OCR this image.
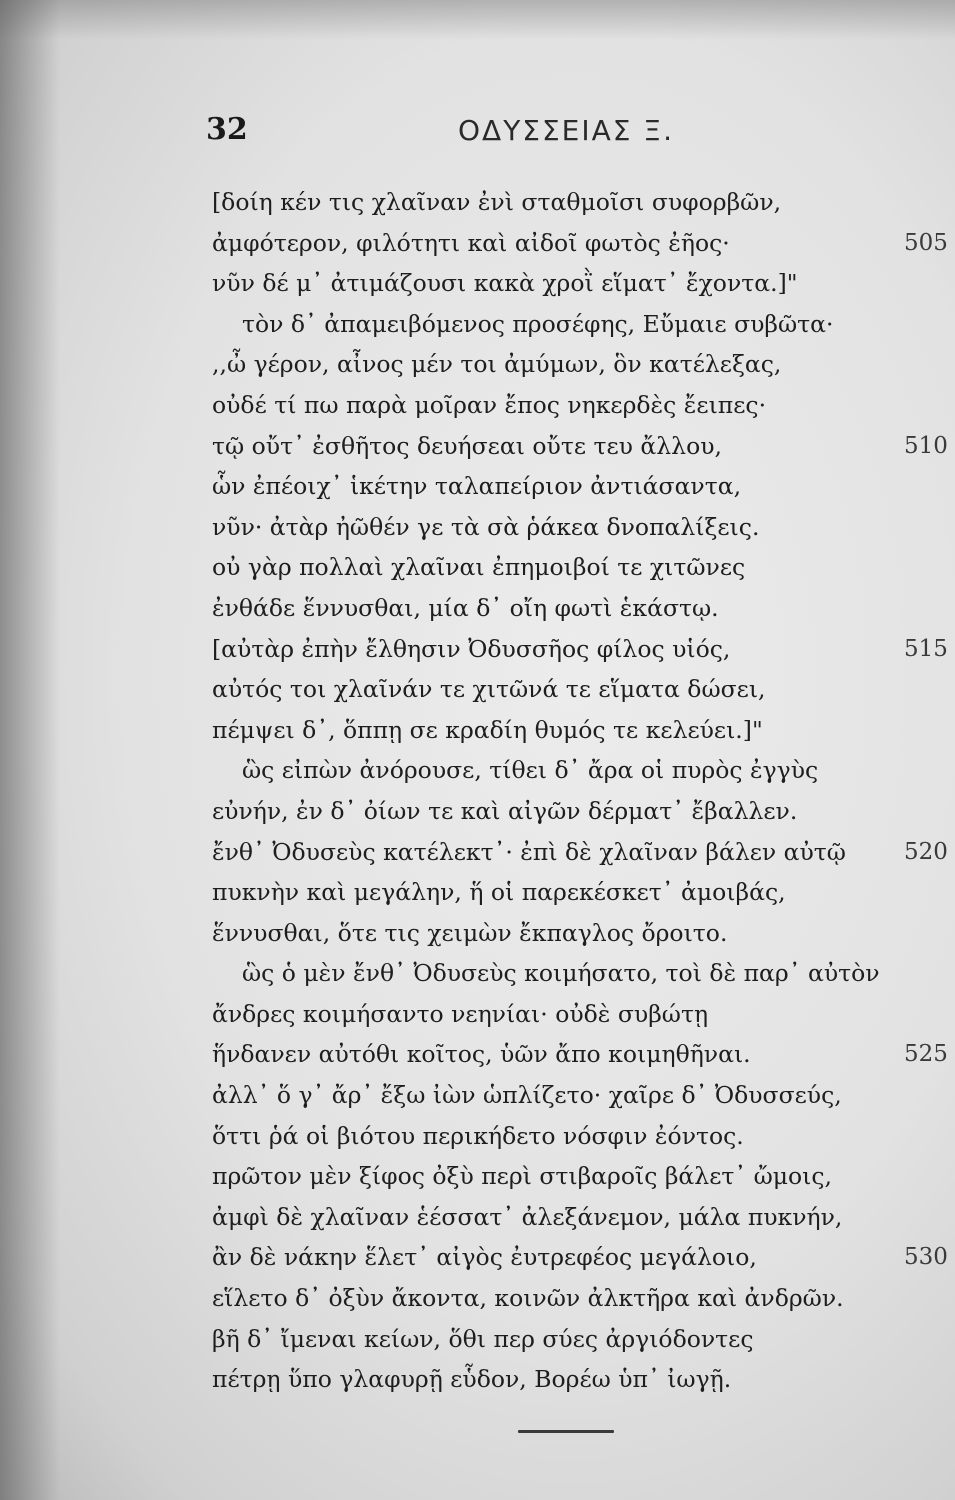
32	ΟΔΥΣΣΕΙΑΣ Ξ.
[δοίη κέν τις χλαῖναν ἐνὶ σταθμοῖσι συφορβῶν,
ἀμφότερον, φιλότητι καὶ αἰδοῖ φωτὸς ἐῆος·	505
νῦν δέ μ᾽ ἀτιμάζουσι κακὰ χροῒ εἵματ᾽ ἔχοντα.]"
τὸν δ᾽ ἀπαμειβόμενος προσέφης, Εὔμαιε συβῶτα·
,,ὦ γέρον, αἶνος μέν τοι ἀμύμων, ὃν κατέλεξας,
οὐδέ τί πω παρὰ μοῖραν ἔπος νηκερδὲς ἔειπες·
τῷ οὔτ᾽ ἐσθῆτος δευήσεαι οὔτε τευ ἄλλου,	510
ὧν ἐπέοιχ᾽ ἱκέτην ταλαπείριον ἀντιάσαντα,
νῦν· ἀτὰρ ἠῶθέν γε τὰ σὰ ῥάκεα δνοπαλίξεις.
οὐ γὰρ πολλαὶ χλαῖναι ἐπημοιβοί τε χιτῶνες
ἐνθάδε ἕννυσθαι, μία δ᾽ οἴη φωτὶ ἑκάστῳ.
[αὐτὰρ ἐπὴν ἔλθησιν Ὀδυσσῆος φίλος υἱός,	515
αὐτός τοι χλαῖνάν τε χιτῶνά τε εἵματα δώσει,
πέμψει δ᾽, ὅππῃ σε κραδίη θυμός τε κελεύει.]"
ὣς εἰπὼν ἀνόρουσε, τίθει δ᾽ ἄρα οἱ πυρὸς ἐγγὺς
εὐνήν, ἐν δ᾽ ὀίων τε καὶ αἰγῶν δέρματ᾽ ἔβαλλεν.
ἔνθ᾽ Ὀδυσεὺς κατέλεκτ᾽· ἐπὶ δὲ χλαῖναν βάλεν αὐτῷ	520
πυκνὴν καὶ μεγάλην, ἥ οἱ παρεκέσκετ᾽ ἀμοιβάς,
ἕννυσθαι, ὅτε τις χειμὼν ἔκπαγλος ὄροιτο.
ὣς ὁ μὲν ἔνθ᾽ Ὀδυσεὺς κοιμήσατο, τοὶ δὲ παρ᾽ αὐτὸν
ἄνδρες κοιμήσαντο νεηνίαι· οὐδὲ συβώτῃ
ἥνδανεν αὐτόθι κοῖτος, ὑῶν ἄπο κοιμηθῆναι.	525
ἀλλ᾽ ὅ γ᾽ ἄρ᾽ ἔξω ἰὼν ὡπλίζετο· χαῖρε δ᾽ Ὀδυσσεύς,
ὅττι ῥά οἱ βιότου περικήδετο νόσφιν ἐόντος.
πρῶτον μὲν ξίφος ὀξὺ περὶ στιβαροῖς βάλετ᾽ ὤμοις,
ἀμφὶ δὲ χλαῖναν ἑέσσατ᾽ ἀλεξάνεμον, μάλα πυκνήν,
ἂν δὲ νάκην ἕλετ᾽ αἰγὸς ἐυτρεφέος μεγάλοιο,	530
εἵλετο δ᾽ ὀξὺν ἄκοντα, κοινῶν ἀλκτῆρα καὶ ἀνδρῶν.
βῆ δ᾽ ἴμεναι κείων, ὅθι περ σύες ἀργιόδοντες
πέτρῃ ὕπο γλαφυρῇ εὗδον, Βορέω ὑπ᾽ ἰωγῇ.
